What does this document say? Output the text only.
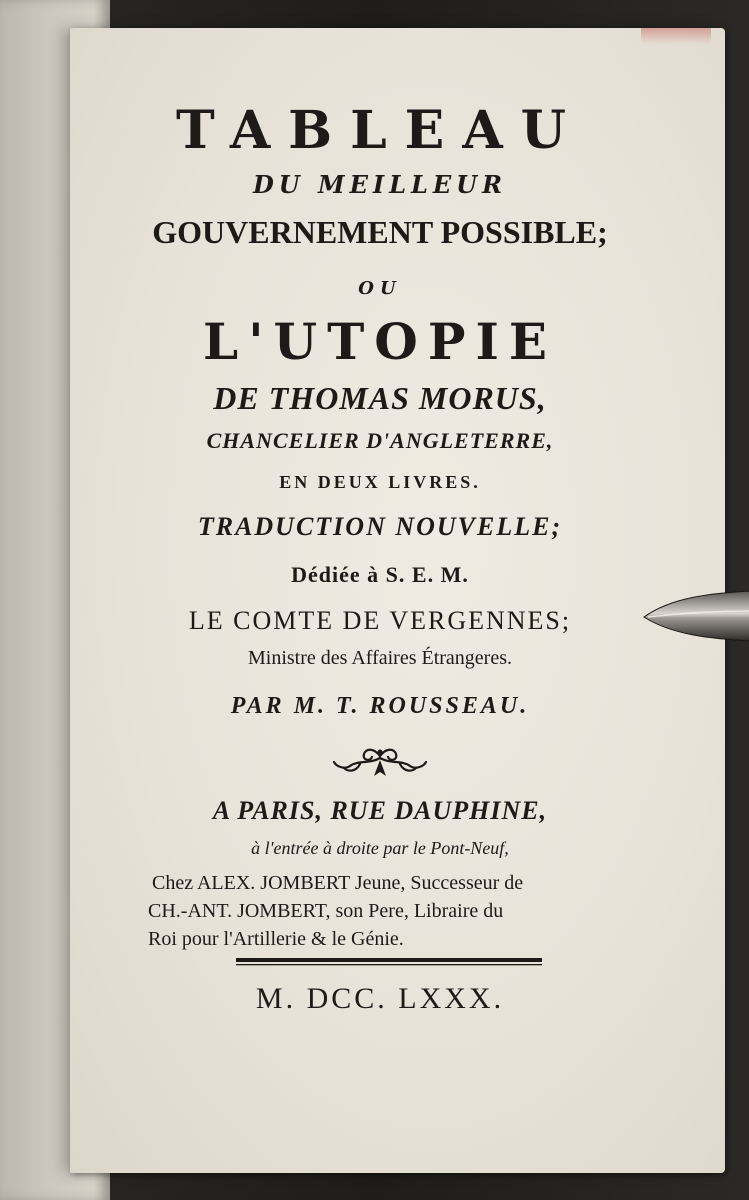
TABLEAU
DU MEILLEUR
GOUVERNEMENT POSSIBLE;
OU
L'UTOPIE
DE THOMAS MORUS,
CHANCELIER D'ANGLETERRE,
EN DEUX LIVRES.
TRADUCTION NOUVELLE;
Dédiée à S. E. M.
LE COMTE DE VERGENNES;
Ministre des Affaires Étrangeres.
PAR M. T. ROUSSEAU.
A PARIS, RUE DAUPHINE,
à l'entrée à droite par le Pont-Neuf,
Chez ALEX. JOMBERT Jeune, Successeur de
CH.-ANT. JOMBERT, son Pere, Libraire du
Roi pour l'Artillerie & le Génie.
M. DCC. LXXX.
